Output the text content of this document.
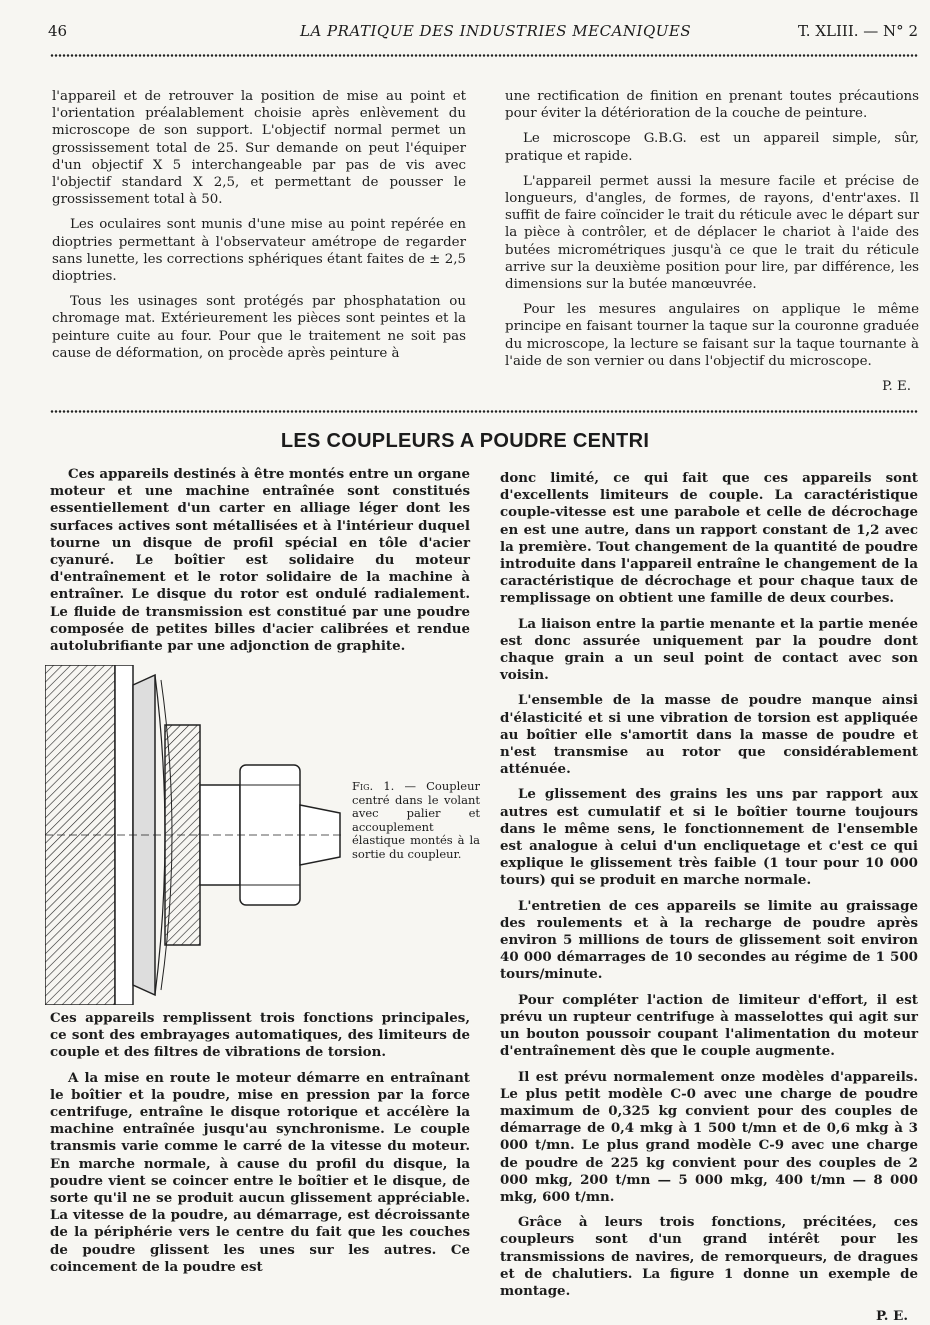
46	LA PRATIQUE DES INDUSTRIES MECANIQUES	T. XLIII. — N° 2

l'appareil et de retrouver la position de mise au point et l'orientation préalablement choisie après enlèvement du microscope de son support. L'objectif normal permet un grossissement total de 25. Sur demande on peut l'équiper d'un objectif X 5 interchangeable par pas de vis avec l'objectif standard X 2,5, et permettant de pousser le grossissement total à 50.

Les oculaires sont munis d'une mise au point repérée en dioptries permettant à l'observateur amétrope de regarder sans lunette, les corrections sphériques étant faites de ± 2,5 dioptries.

Tous les usinages sont protégés par phosphatation ou chromage mat. Extérieurement les pièces sont peintes et la peinture cuite au four. Pour que le traitement ne soit pas cause de déformation, on procède après peinture à

une rectification de finition en prenant toutes précautions pour éviter la détérioration de la couche de peinture.

Le microscope G.B.G. est un appareil simple, sûr, pratique et rapide.

L'appareil permet aussi la mesure facile et précise de longueurs, d'angles, de formes, de rayons, d'entr'axes. Il suffit de faire coïncider le trait du réticule avec le départ sur la pièce à contrôler, et de déplacer le chariot à l'aide des butées micrométriques jusqu'à ce que le trait du réticule arrive sur la deuxième position pour lire, par différence, les dimensions sur la butée manœuvrée.

Pour les mesures angulaires on applique le même principe en faisant tourner la taque sur la couronne graduée du microscope, la lecture se faisant sur la taque tournante à l'aide de son vernier ou dans l'objectif du microscope.

P. E.
LES COUPLEURS A POUDRE CENTRI

Ces appareils destinés à être montés entre un organe moteur et une machine entraînée sont constitués essentiellement d'un carter en alliage léger dont les surfaces actives sont métallisées et à l'intérieur duquel tourne un disque de profil spécial en tôle d'acier cyanuré. Le boîtier est solidaire du moteur d'entraînement et le rotor solidaire de la machine à entraîner. Le disque du rotor est ondulé radialement. Le fluide de transmission est constitué par une poudre composée de petites billes d'acier calibrées et rendue autolubrifiante par une adjonction de graphite.

Fig. 1. — Coupleur centré dans le volant avec palier et accouplement élastique montés à la sortie du coupleur.

Ces appareils remplissent trois fonctions principales, ce sont des embrayages automatiques, des limiteurs de couple et des filtres de vibrations de torsion.

A la mise en route le moteur démarre en entraînant le boîtier et la poudre, mise en pression par la force centrifuge, entraîne le disque rotorique et accélère la machine entraînée jusqu'au synchronisme. Le couple transmis varie comme le carré de la vitesse du moteur. En marche normale, à cause du profil du disque, la poudre vient se coincer entre le boîtier et le disque, de sorte qu'il ne se produit aucun glissement appréciable. La vitesse de la poudre, au démarrage, est décroissante de la périphérie vers le centre du fait que les couches de poudre glissent les unes sur les autres. Ce coincement de la poudre est

donc limité, ce qui fait que ces appareils sont d'excellents limiteurs de couple. La caractéristique couple-vitesse est une parabole et celle de décrochage en est une autre, dans un rapport constant de 1,2 avec la première. Tout changement de la quantité de poudre introduite dans l'appareil entraîne le changement de la caractéristique de décrochage et pour chaque taux de remplissage on obtient une famille de deux courbes.

La liaison entre la partie menante et la partie menée est donc assurée uniquement par la poudre dont chaque grain a un seul point de contact avec son voisin.

L'ensemble de la masse de poudre manque ainsi d'élasticité et si une vibration de torsion est appliquée au boîtier elle s'amortit dans la masse de poudre et n'est transmise au rotor que considérablement atténuée.

Le glissement des grains les uns par rapport aux autres est cumulatif et si le boîtier tourne toujours dans le même sens, le fonctionnement de l'ensemble est analogue à celui d'un encliquetage et c'est ce qui explique le glissement très faible (1 tour pour 10 000 tours) qui se produit en marche normale.

L'entretien de ces appareils se limite au graissage des roulements et à la recharge de poudre après environ 5 millions de tours de glissement soit environ 40 000 démarrages de 10 secondes au régime de 1 500 tours/minute.

Pour compléter l'action de limiteur d'effort, il est prévu un rupteur centrifuge à masselottes qui agit sur un bouton poussoir coupant l'alimentation du moteur d'entraînement dès que le couple augmente.

Il est prévu normalement onze modèles d'appareils. Le plus petit modèle C-0 avec une charge de poudre maximum de 0,325 kg convient pour des couples de démarrage de 0,4 mkg à 1 500 t/mn et de 0,6 mkg à 3 000 t/mn. Le plus grand modèle C-9 avec une charge de poudre de 225 kg convient pour des couples de 2 000 mkg, 200 t/mn — 5 000 mkg, 400 t/mn — 8 000 mkg, 600 t/mn.

Grâce à leurs trois fonctions, précitées, ces coupleurs sont d'un grand intérêt pour les transmissions de navires, de remorqueurs, de dragues et de chalutiers. La figure 1 donne un exemple de montage.

P. E.
